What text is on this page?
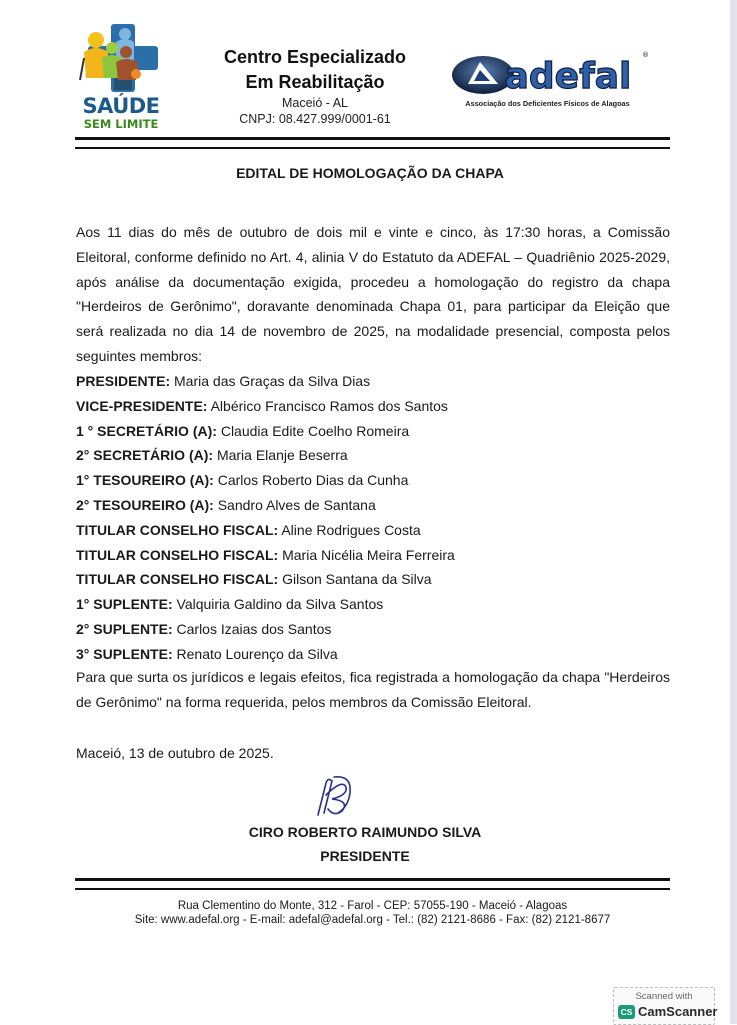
SAÚDE
SEM LIMITE
Centro Especializado
Em Reabilitação
Maceió - AL
CNPJ: 08.427.999/0001-61
adefal
®
Associação dos Deficientes Físicos de Alagoas
EDITAL DE HOMOLOGAÇÃO DA CHAPA
Aos 11 dias do mês de outubro de dois mil e vinte e cinco, às 17:30 horas, a Comissão Eleitoral, conforme definido no Art. 4, alinia V do Estatuto da ADEFAL – Quadriênio 2025-2029, após análise da documentação exigida, procedeu a homologação do registro da chapa "Herdeiros de Gerônimo", doravante denominada Chapa 01, para participar da Eleição que será realizada no dia 14 de novembro de 2025, na modalidade presencial, composta pelos seguintes membros:
PRESIDENTE: Maria das Graças da Silva Dias
VICE-PRESIDENTE: Albérico Francisco Ramos dos Santos
1 ° SECRETÁRIO (A): Claudia Edite Coelho Romeira
2° SECRETÁRIO (A): Maria Elanje Beserra
1° TESOUREIRO (A): Carlos Roberto Dias da Cunha
2° TESOUREIRO (A): Sandro Alves de Santana
TITULAR CONSELHO FISCAL: Aline Rodrigues Costa
TITULAR CONSELHO FISCAL: Maria Nicélia Meira Ferreira
TITULAR CONSELHO FISCAL: Gilson Santana da Silva
1° SUPLENTE: Valquiria Galdino da Silva Santos
2° SUPLENTE: Carlos Izaias dos Santos
3° SUPLENTE: Renato Lourenço da Silva
Para que surta os jurídicos e legais efeitos, fica registrada a homologação da chapa "Herdeiros de Gerônimo" na forma requerida, pelos membros da Comissão Eleitoral.
Maceió, 13 de outubro de 2025.
CIRO ROBERTO RAIMUNDO SILVA
PRESIDENTE
Rua Clementino do Monte, 312 - Farol - CEP: 57055-190 - Maceió - Alagoas
Site: www.adefal.org - E-mail: adefal@adefal.org - Tel.: (82) 2121-8686 - Fax: (82) 2121-8677
Scanned with
CS CamScanner
